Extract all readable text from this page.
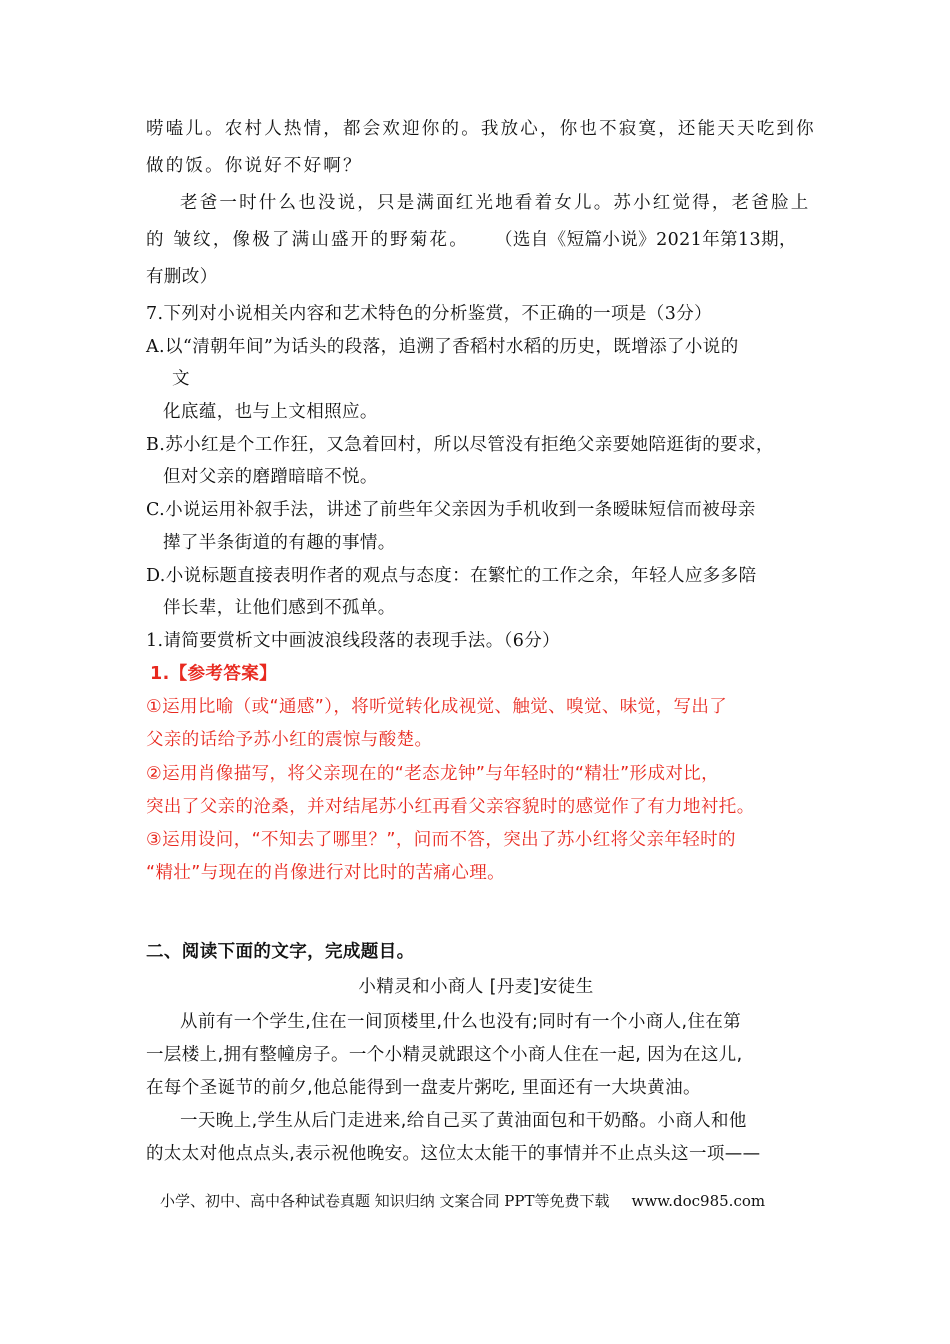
唠嗑儿。农村人热情，都会欢迎你的。我放心，你也不寂寞，还能天天吃到你
做的饭。你说好不好啊？
老爸一时什么也没说，只是满面红光地看着女儿。苏小红觉得，老爸脸上
的 皱纹，像极了满山盛开的野菊花。 （选自《短篇小说》2021年第13期，
有删改）
7.下列对小说相关内容和艺术特色的分析鉴赏，不正确的一项是（3分）
A.以“清朝年间”为话头的段落，追溯了香稻村水稻的历史，既增添了小说的
文
化底蕴，也与上文相照应。
B.苏小红是个工作狂，又急着回村，所以尽管没有拒绝父亲要她陪逛街的要求，
但对父亲的磨蹭暗暗不悦。
C.小说运用补叙手法，讲述了前些年父亲因为手机收到一条暧昧短信而被母亲
撵了半条街道的有趣的事情。
D.小说标题直接表明作者的观点与态度：在繁忙的工作之余，年轻人应多多陪
伴长辈，让他们感到不孤单。
1.请简要赏析文中画波浪线段落的表现手法。（6分）
1.【参考答案】
①运用比喻（或“通感”），将听觉转化成视觉、触觉、嗅觉、味觉，写出了
父亲的话给予苏小红的震惊与酸楚。
②运用肖像描写，将父亲现在的“老态龙钟”与年轻时的“精壮”形成对比，
突出了父亲的沧桑，并对结尾苏小红再看父亲容貌时的感觉作了有力地衬托。
③运用设问，“不知去了哪里？”，问而不答，突出了苏小红将父亲年轻时的
“精壮”与现在的肖像进行对比时的苦痛心理。
二、阅读下面的文字，完成题目。
小精灵和小商人 [丹麦]安徒生
从前有一个学生,住在一间顶楼里,什么也没有;同时有一个小商人,住在第
一层楼上,拥有整幢房子。一个小精灵就跟这个小商人住在一起, 因为在这儿,
在每个圣诞节的前夕,他总能得到一盘麦片粥吃, 里面还有一大块黄油。
一天晚上,学生从后门走进来,给自己买了黄油面包和干奶酪。小商人和他
的太太对他点点头,表示祝他晚安。这位太太能干的事情并不止点头这一项——
小学、初中、高中各种试卷真题 知识归纳 文案合同 PPT等免费下载 www.doc985.com
